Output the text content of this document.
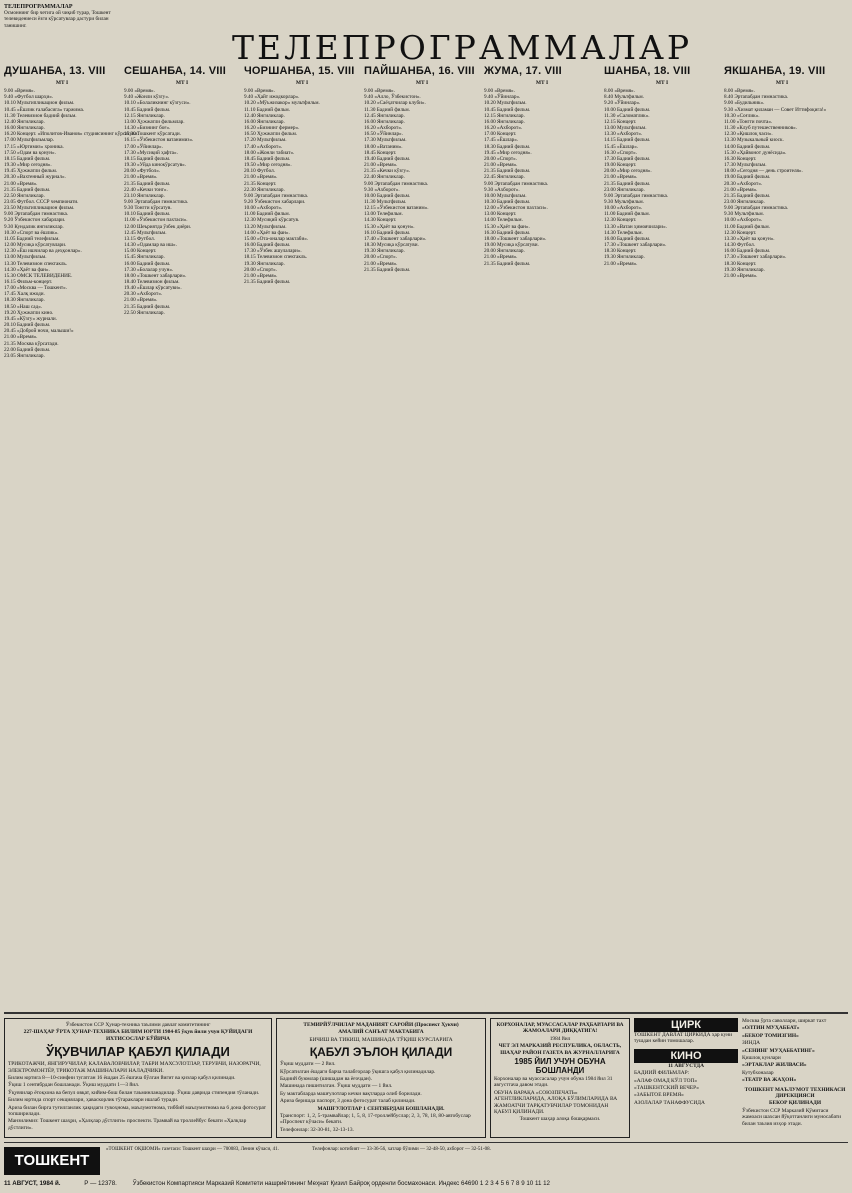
ТЕЛЕПРОГРАММАЛАР
Осмоннинг бир четига ой чиқиб турар, Тошкент телевидениеси ёзги кўрсатувлар дастури билан танишинг.
ТЕЛЕПРОГРАММАЛАР
ДУШАНБА, 13. VIII
МТ I
9.00 «Время».
9.40 «Футбол шарҳи».
10.10 Мультипликацион фильм.
10.45 «Ёшлик ғалабасига» таржима.
11.30 Телевизион бадиий фильм.
12.40 Янгиликлар.
16.00 Янгиликлар.
16.20 Концерт. «Иполитов-Иванов» студиясининг кўрсатуви.
17.00 Мультфильмлар.
17.15 «Юртимиз» хроника.
17.50 «Одам ва қонун».
18.15 Бадиий фильм.
19.30 «Мир сегодня».
19.45 Ҳужжатли фильм.
20.30 «Вахтенный журнал».
21.00 «Время».
21.35 Бадиий фильм.
22.50 Янгиликлар.
23.05 Футбол. СССР чемпионати.
23.50 Мультипликацион фильм.
9.00 Эртапабдан гимнастика.
9.20 Ўзбекистон хабарлари.
9.30 Кундалик янгиликлар.
10.30 «Спорт ва ёшлик».
11.05 Бадиий телефильм.
12.00 Мусиқа кўрсатувлари.
12.30 «Ёш ишчилар ва деҳқонлар».
13.00 Мультфильм.
13.30 Телевизион спектакль.
14.30 «Ҳаёт ва фан».
15.30 ОМСК ТЕЛЕВИДЕНИЕ.
16.15 Фильм-концерт.
17.00 «Москва — Тошкент».
17.45 Халқ ижоди.
18.30 Янгиликлар.
18.50 «Наш сад».
19.20 Ҳужжатли кино.
19.45 «Кўзгу» журнали.
20.10 Бадиий фильм.
20.45 «Доброй ночи, малыши!»
21.00 «Время».
21.35 Москва кўрсатади.
22.00 Бадиий фильм.
23.05 Янгиликлар.
СЕШАНБА, 14. VIII
МТ I
9.00 «Время».
9.40 «Жонли кўзгу».
10.10 «Болаликнинг кўзгуси».
10.45 Бадиий фильм.
12.15 Янгиликлар.
13.00 Ҳужжатли фильмлар.
14.30 «Бизнинг боғ».
15.30 Тошкент кўрсатади.
16.15 «Ўзбекистон ватанимиз».
17.00 «Ўйинлар».
17.30 «Мусиқий ҳафта».
18.15 Бадиий фильм.
19.30 «Уйда кинокўрсатув».
20.00 «Футбол».
21.00 «Время».
21.35 Бадиий фильм.
22.40 «Кечки тонг».
23.10 Янгиликлар.
9.00 Эртапабдан гимнастика.
9.30 Тонгги кўрсатув.
10.10 Бадиий фильм.
11.00 «Ўзбекистон пахтаси».
12.00 Шеъриятда ўзбек диёри.
12.45 Мультфильм.
13.15 Футбол.
14.30 «Одамлар ва иш».
15.00 Концерт.
15.45 Янгиликлар.
16.00 Бадиий фильм.
17.30 «Болалар учун».
18.00 «Тошкент хабарлари».
18.40 Телевизион фильм.
19.40 «Ёшлар кўрсатуви».
20.30 «Ахборот».
21.00 «Время».
21.35 Бадиий фильм.
22.50 Янгиликлар.
ЧОРШАНБА, 15. VIII
МТ I
9.00 «Время».
9.40 «Ҳайт ижодкорлар».
10.20 «Мўъжизакор» мультфильм.
11.10 Бадиий фильм.
12.40 Янгиликлар.
16.00 Янгиликлар.
16.20 «Бизнинг фермер».
16.50 Ҳужжатли фильм.
17.20 Мультфильм.
17.40 «Ахборот».
18.00 «Жонли табиат».
18.45 Бадиий фильм.
19.50 «Мир сегодня».
20.10 Футбол.
21.00 «Время».
21.35 Концерт.
22.30 Янгиликлар.
9.00 Эртапабдан гимнастика.
9.20 Ўзбекистон хабарлари.
10.00 «Ахборот».
11.00 Бадиий фильм.
12.30 Мусиқий кўрсатув.
13.20 Мультфильм.
14.00 «Ҳаёт ва фан».
15.00 «Ота-оналар мактаби».
16.00 Бадиий фильм.
17.30 «Ўзбек ашулалари».
18.15 Телевизион спектакль.
19.30 Янгиликлар.
20.00 «Спорт».
21.00 «Время».
21.35 Бадиий фильм.
ПАЙШАНБА, 16. VIII
МТ I
9.00 «Время».
9.40 «Алло, Ўзбекистон».
10.20 «Саёҳатчилар клуби».
11.30 Бадиий фильм.
12.45 Янгиликлар.
16.00 Янгиликлар.
16.20 «Ахборот».
16.50 «Ўйинлар».
17.30 Мультфильм.
18.00 «Ватаним».
18.45 Концерт.
19.40 Бадиий фильм.
21.00 «Время».
21.35 «Кечки кўзгу».
22.40 Янгиликлар.
9.00 Эртапабдан гимнастика.
9.30 «Ахборот».
10.00 Бадиий фильм.
11.30 Мультфильм.
12.15 «Ўзбекистон ватаним».
13.00 Телефильм.
14.30 Концерт.
15.30 «Ҳаёт ва қонун».
16.10 Бадиий фильм.
17.40 «Тошкент хабарлари».
18.30 Мусиқа кўрсатуви.
19.30 Янгиликлар.
20.00 «Спорт».
21.00 «Время».
21.35 Бадиий фильм.
ЖУМА, 17. VIII
МТ I
9.00 «Время».
9.40 «Ўйинлар».
10.20 Мультфильм.
10.45 Бадиий фильм.
12.15 Янгиликлар.
16.00 Янгиликлар.
16.20 «Ахборот».
17.00 Концерт.
17.45 «Ёшлар».
18.30 Бадиий фильм.
19.45 «Мир сегодня».
20.00 «Спорт».
21.00 «Время».
21.35 Бадиий фильм.
22.45 Янгиликлар.
9.00 Эртапабдан гимнастика.
9.30 «Ахборот».
10.00 Мультфильм.
10.30 Бадиий фильм.
12.00 «Ўзбекистон пахтаси».
13.00 Концерт.
14.00 Телефильм.
15.30 «Ҳаёт ва фан».
16.30 Бадиий фильм.
18.00 «Тошкент хабарлари».
19.00 Мусиқа кўрсатуви.
20.00 Янгиликлар.
21.00 «Время».
21.35 Бадиий фильм.
ШАНБА, 18. VIII
МТ I
8.00 «Время».
8.40 Мультфильм.
9.20 «Ўйинлар».
10.00 Бадиий фильм.
11.30 «Саломатлик».
12.15 Концерт.
13.00 Мультфильм.
13.30 «Ахборот».
14.15 Бадиий фильм.
15.45 «Ёшлар».
16.30 «Спорт».
17.30 Бадиий фильм.
19.00 Концерт.
20.00 «Мир сегодня».
21.00 «Время».
21.35 Бадиий фильм.
23.00 Янгиликлар.
9.00 Эртапабдан гимнастика.
9.30 Мультфильм.
10.00 «Ахборот».
11.00 Бадиий фильм.
12.30 Концерт.
13.30 «Ватан ҳимоячилари».
14.30 Телефильм.
16.00 Бадиий фильм.
17.30 «Тошкент хабарлари».
18.30 Концерт.
19.30 Янгиликлар.
21.00 «Время».
ЯКШАНБА, 19. VIII
МТ I
8.00 «Время».
8.40 Эртапабдан гимнастика.
9.00 «Будильник».
9.30 «Хизмат қиламан — Совет Иттифоқига!»
10.30 «Соғлик».
11.00 «Тонгги почта».
11.30 «Клуб путешественников».
12.30 «Қишлоқ часи».
13.30 Музыкальный киоск.
14.00 Бадиий фильм.
15.30 «Ҳайвонот дунёсида».
16.30 Концерт.
17.30 Мультфильм.
18.00 «Сегодня — день строителя».
19.00 Бадиий фильм.
20.30 «Ахборот».
21.00 «Время».
21.35 Бадиий фильм.
23.00 Янгиликлар.
9.00 Эртапабдан гимнастика.
9.30 Мультфильм.
10.00 «Ахборот».
11.00 Бадиий фильм.
12.30 Концерт.
13.30 «Ҳаёт ва қонун».
14.30 Футбол.
16.00 Бадиий фильм.
17.30 «Тошкент хабарлари».
18.30 Концерт.
19.30 Янгиликлар.
21.00 «Время».

Ўзбекистон ССР Ҳунар-техника таълими давлат комитетининг

227-ШАҲАР ЎРТА ҲУНАР-ТЕХНИКА БИЛИМ ЮРТИ 1984-85 ўқув йили учун ҚУЙИДАГИ ИХТИСОСЛАР БЎЙИЧА

ЎҚУВЧИЛАР ҚАБУЛ ҚИЛАДИ

ТРИКОТАЖЧИ, ЯНГИРУЧИЛАР, КАЛАВАЛОВЧИЛАР, ТАБРИ МАХСУЛОТЛАР, ТЕРУВЧИ, НАЗОРАТЧИ, ЭЛЕКТРОМОНТЁР, ТРИКОТАЖ МАШИНАЛАРИ НАЛАДЧИКИ.

Билим юртига 8—10-синфни тугатган 16 ёшдан 25 ёшгача бўлган йигит ва қизлар қабул қилинади.

Ўқиш 1 сентябрдан бошланади. Ўқиш муддати 1—3 йил.

Ўқувчилар ётоқхона ва бепул овқат, кийим-бош билан таъминланадилар. Ўқиш даврида стипендия тўланади.

Билим юртида спорт секциялари, ҳаваскорлик тўгараклари ишлаб туради.

Ариза билан бирга туғилганлик ҳақидаги гувоҳнома, маълумотнома, тиббий маълумотнома ва 6 дона фотосурат топширилади.

Манзилимиз: Тошкент шаҳри, «Ҳалқлар дўстлиги» проспекти. Трамвай ва троллейбус бекати «Ҳалқлар дўстлиги».

ТЕМИРЙЎЛЧИЛАР МАДАНИЯТ САРОЙИ (Проспект Ҳукчи)

АМАЛИЙ САНЪАТ МАКТАБИГА

БИЧИШ ВА ТИКИШ, МАШИНАДА ТЎҚИШ КУРСЛАРИГА

ҚАБУЛ ЭЪЛОН ҚИЛАДИ

Ўқиш муддати — 2 йил.

Кўрсатилган ёшдаги барча талабгорлар ўқишга қабул қилинадилар.

Бадиий буюмлар (шишадан ва ёғочдан).

Машинада пишитилган. Ўқиш муддати — 1 йил.

Бу мактабларда машғулотлар кечки вақтларда олиб борилади.

Ариза беришда паспорт, 3 дона фотосурат талаб қилинади.

МАШҒУЛОТЛАР 1 СЕНТЯБРДАН БОШЛАНАДИ.

Транспорт: 1, 2, 5-трамвайлар; 1, 5, 8, 17-троллейбуслар; 2, 3, 78, 18, 80-автобуслар «Проспект кўчаси» бекати.

Телефонлар: 32-30-81, 32-13-13.

КОРХОНАЛАР, МУАССАСАЛАР РАҲБАРЛАРИ ВА ЖАМОАЛАРИ ДИҚҚАТИГА!

1984 йил

ЧЕТ ЭЛ МАРКАЗИЙ РЕСПУБЛИКА, ОБЛАСТЬ, ШАҲАР РАЙОН ГАЗЕТА ВА ЖУРНАЛЛАРИГА

1985 ЙИЛ УЧУН ОБУНА БОШЛАНДИ

Корхоналар ва муассасалар учун обуна 1984 йил 31 августгача давом этади.

ОБУНА ВАРАҚА «СОЮЗПЕЧАТЬ» АГЕНТЛИКЛАРИДА, АЛОҚА БЎЛИМЛАРИДА ВА ЖАМОАТЧИ ТАРҚАТУВЧИЛАР ТОМОНИДАН ҚАБУЛ ҚИЛИНАДИ.

Тошкент шаҳар алоқа бошқармаси.

ЦИРК

ТОШКЕНТ ДАВЛАТ ЦИРКИДА ҳар куни тушдан кейин томошалар.

КИНО

11 АВГУСТДА

БАДИИЙ ФИЛЬМЛАР:

«АЛАФ ОМАД КЎЛ ТОП»

«ТАШКЕНТСКИЙ ВЕЧЕР»

«ЗАБЫТОЕ ВРЕМЯ»

АЗОЛАЛАР ТАНАФФУСИДА

Москва ўрта саволлари, ширкат тахт

«ОЛТИН МУҲАББАТ»

«БЕКОР ТОМИЗГИН»

ЗИНДА

«СЕНИНГ МУҲАББАТИНГ»

Қишлоқ кунлари

«ЭРТАКЛАР ЖИЛВАСИ»

Кутубхоналар

«ТЕАТР ВА ЖАҲОН»

ТОШКЕНТ МАЪЛУМОТ ТЕХНИКАСИ ДИРЕКЦИЯСИ

БЕКОР ҚИЛИНАДИ

Ўзбекистон ССР Марказий Қўмитаси жамоаси шахсан йўқотганлиги муносабати билан таъзия изҳор этади.

ТОШКЕНТ
«ТОШКЕНТ ОҚШОМИ» газетаси: Тошкент шаҳри — 700083, Ленин кўчаси, 41.	Телефонлар: котибият — 33-36-56, хатлар бўлими — 32-48-50, ахборот — 32-51-08.
11 АВГУСТ, 1984 й.	Р — 12378.	Ўзбекистон Компартияси Марказий Комитети нашриётининг Меҳнат Қизил Байроқ орденли босмахонаси. Индекс 64690 1 2 3 4 5 6 7 8 9 10 11 12
